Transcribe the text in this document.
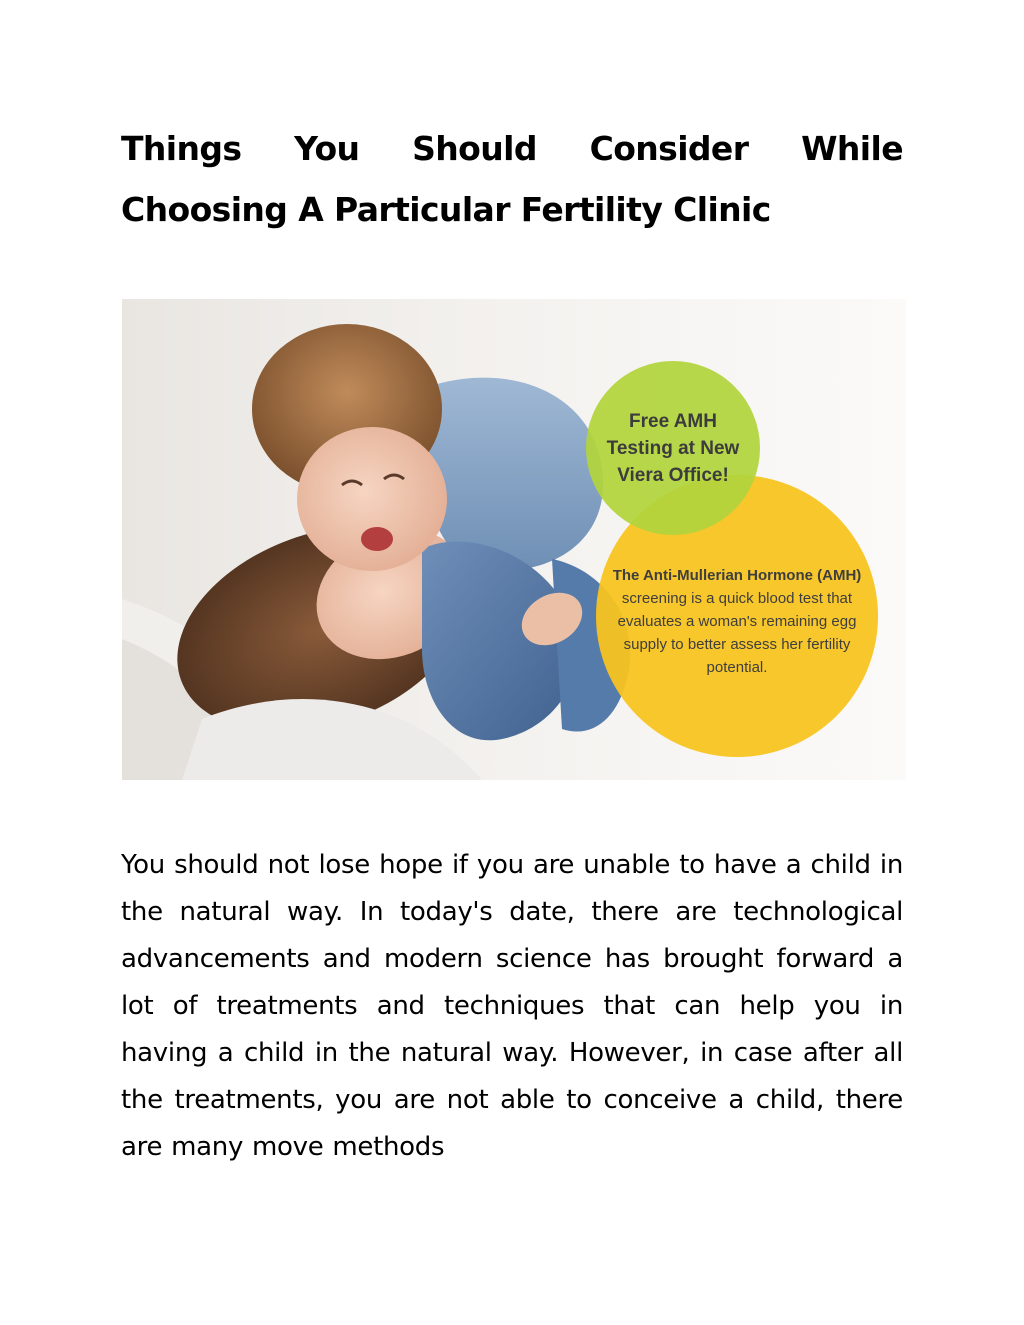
Things You Should Consider While Choosing A Particular Fertility Clinic
The Anti-Mullerian Hormone (AMH)
screening is a quick blood test that evaluates a woman's remaining egg supply to better assess her fertility potential.
Free AMH Testing at New Viera Office!

You should not lose hope if you are unable to have a child in the natural way. In today's date, there are technological advancements and modern science has brought forward a lot of treatments and techniques that can help you in having a child in the natural way. However, in case after all the treatments, you are not able to conceive a child, there are many move methods
